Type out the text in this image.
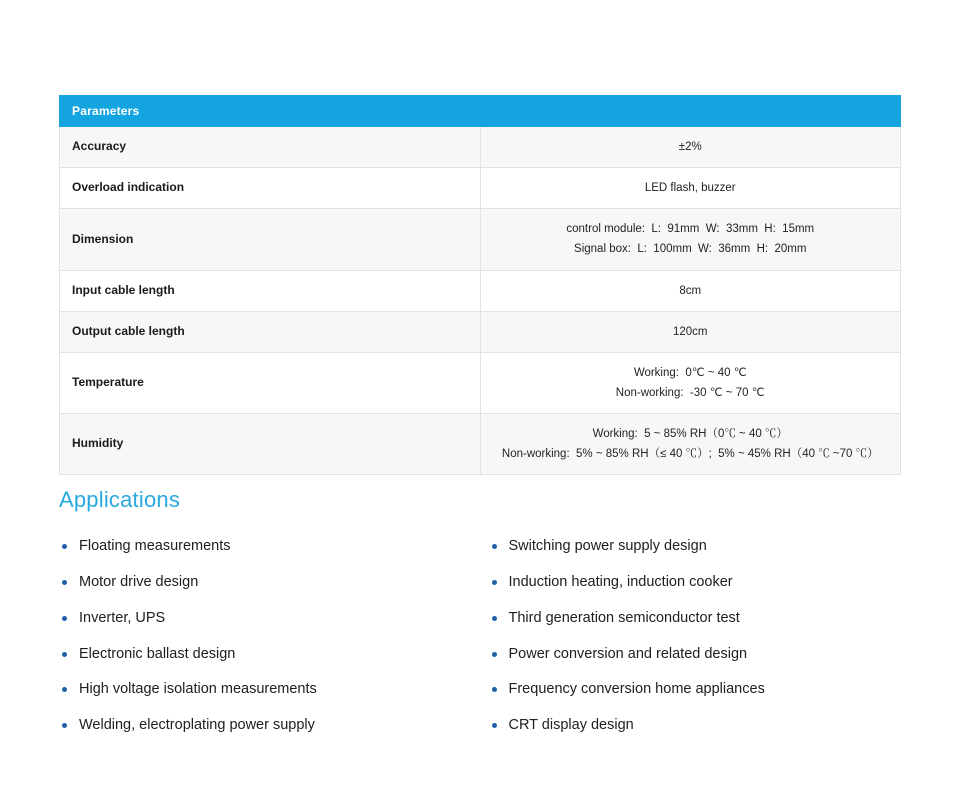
Parameters	
Accuracy	±2%

Overload indication	LED flash, buzzer

Dimension	control module:  L:  91mm  W:  33mm  H:  15mm
Signal box:  L:  100mm  W:  36mm  H:  20mm

Input cable length	8cm

Output cable length	120cm

Temperature	Working:  0℃ ~ 40 ℃
Non-working:  -30 ℃ ~ 70 ℃

Humidity	Working:  5 ~ 85% RH（0℃ ~ 40 ℃）
Non-working:  5% ~ 85% RH（≤ 40 ℃）;  5% ~ 45% RH（40 ℃ ~70 ℃）
Applications
Floating measurements
Motor drive design
Inverter, UPS
Electronic ballast design
High voltage isolation measurements
Welding, electroplating power supply
Switching power supply design
Induction heating, induction cooker
Third generation semiconductor test
Power conversion and related design
Frequency conversion home appliances
CRT display design
